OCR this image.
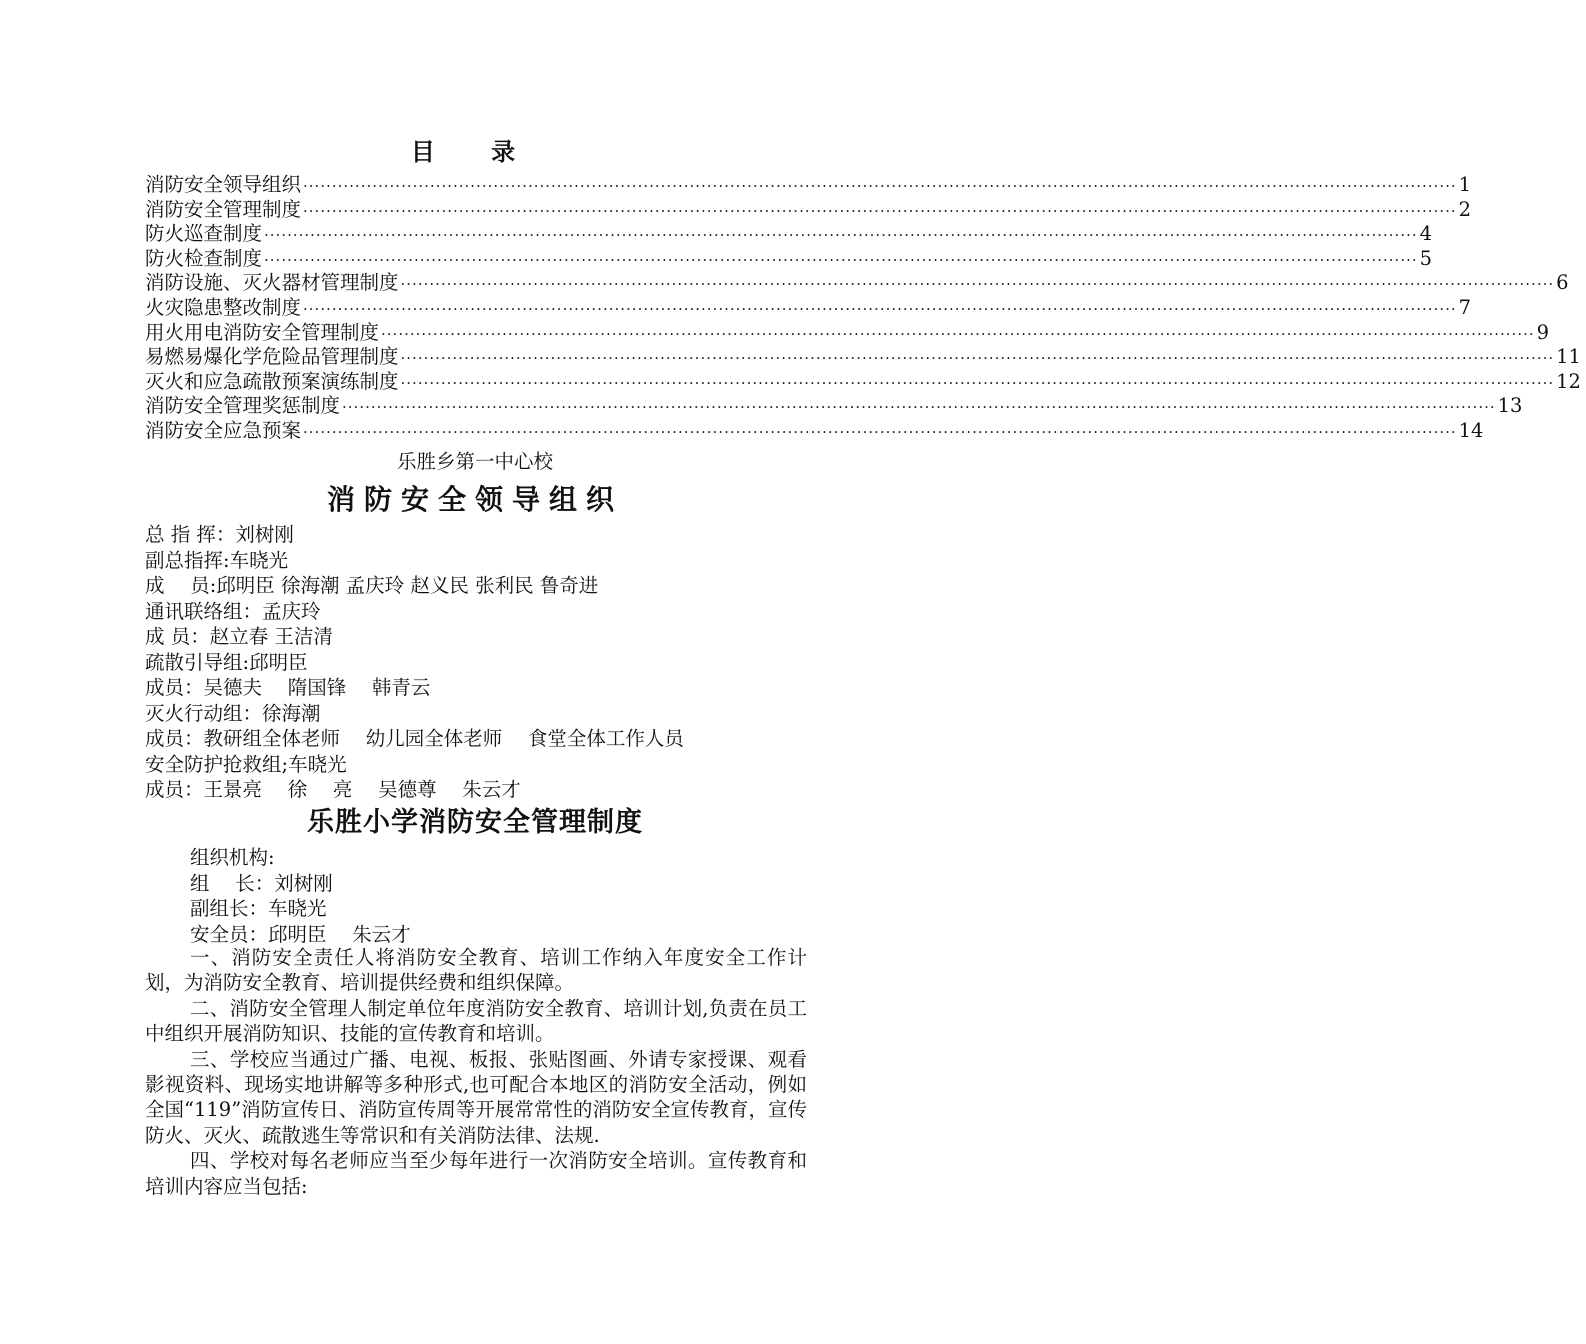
目 录
消防安全领导组织 ········································································································································································································ 1
消防安全管理制度 ········································································································································································································ 2
防火巡查制度 ········································································································································································································ 4
防火检查制度 ········································································································································································································ 5
消防设施、灭火器材管理制度 ········································································································································································································ 6
火灾隐患整改制度 ········································································································································································································ 7
用火用电消防安全管理制度 ········································································································································································································ 9
易燃易爆化学危险品管理制度 ········································································································································································································ 11
灭火和应急疏散预案演练制度 ········································································································································································································ 12
消防安全管理奖惩制度 ········································································································································································································ 13
消防安全应急预案 ········································································································································································································ 14
乐胜乡第一中心校
消防安全领导组织
总 指 挥：刘树刚
副总指挥:车晓光
成　 员:邱明臣 徐海潮 孟庆玲 赵义民 张利民 鲁奇进
通讯联络组：孟庆玲
成 员：赵立春 王洁清
疏散引导组:邱明臣
成员：吴德夫　 隋国锋　 韩青云
灭火行动组：徐海潮
成员：教研组全体老师　 幼儿园全体老师　 食堂全体工作人员
安全防护抢救组;车晓光
成员：王景亮　 徐　 亮　 吴德尊　 朱云才
乐胜小学消防安全管理制度
组织机构:
组　 长：刘树刚
副组长：车晓光
安全员：邱明臣　 朱云才

一、消防安全责任人将消防安全教育、培训工作纳入年度安全工作计划，为消防安全教育、培训提供经费和组织保障。

二、消防安全管理人制定单位年度消防安全教育、培训计划,负责在员工中组织开展消防知识、技能的宣传教育和培训。

三、学校应当通过广播、电视、板报、张贴图画、外请专家授课、观看影视资料、现场实地讲解等多种形式,也可配合本地区的消防安全活动，例如全国“119”消防宣传日、消防宣传周等开展常常性的消防安全宣传教育，宣传防火、灭火、疏散逃生等常识和有关消防法律、法规.

四、学校对每名老师应当至少每年进行一次消防安全培训。宣传教育和培训内容应当包括:
